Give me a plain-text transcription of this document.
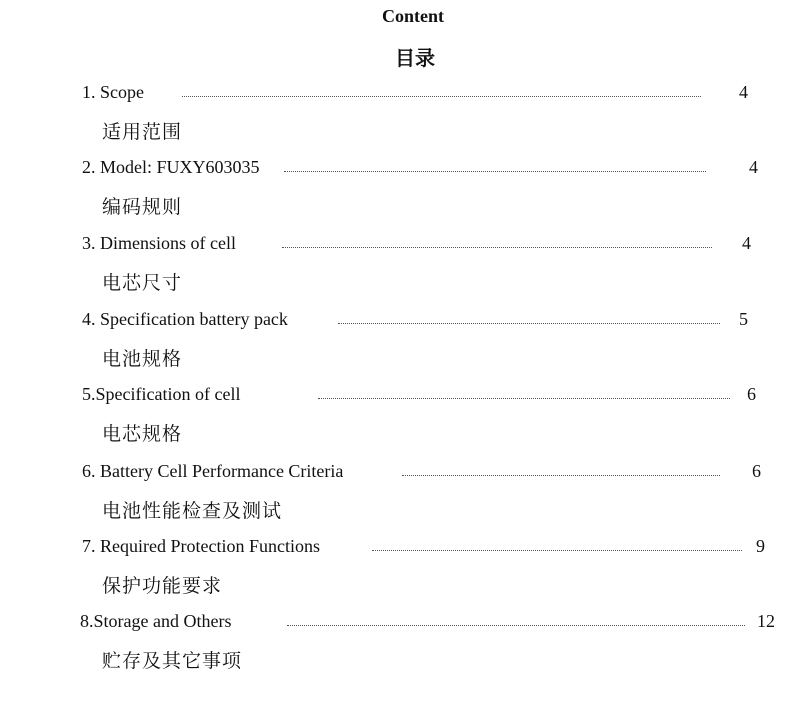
Content
目录
1. Scope	4
适用范围
2. Model: FUXY603035	4
编码规则
3. Dimensions of cell	4
电芯尺寸
4. Specification battery pack	5
电池规格
5.Specification of cell	6
电芯规格
6. Battery Cell Performance Criteria	6
电池性能检查及测试
7. Required Protection Functions	9
保护功能要求
8.Storage and Others	12
贮存及其它事项
